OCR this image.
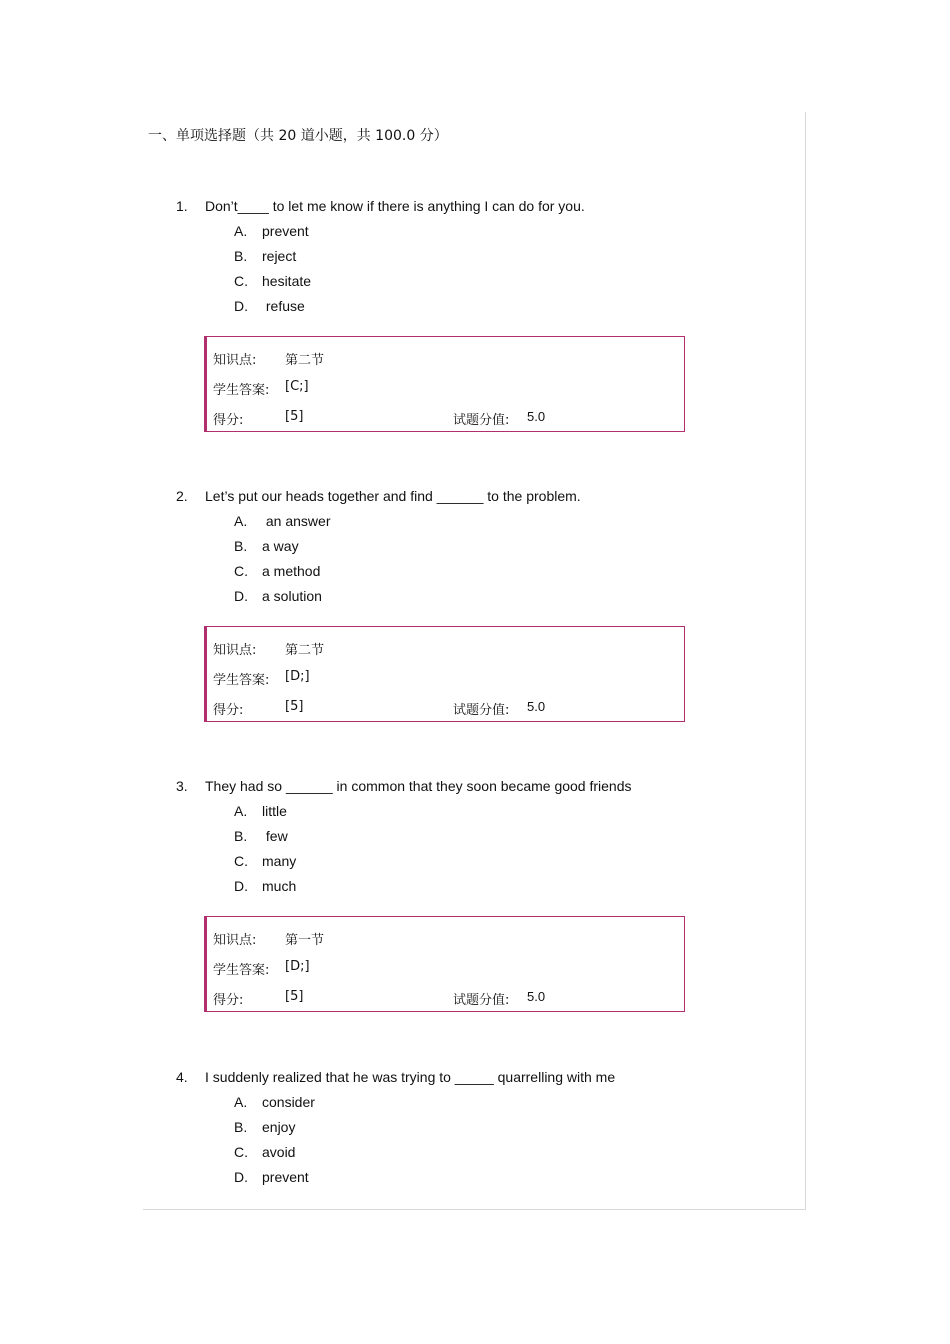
一、单项选择题（共 20 道小题，共 100.0 分）
1. Don’t____ to let me know if there is anything I can do for you.
A. prevent
B. reject
C. hesitate
D. refuse
知识点: 第二节
学生答案: [C;]
得分:	[5]	试题分值: 5.0
2. Let’s put our heads together and find ______ to the problem.
A. an answer
B. a way
C. a method
D. a solution
知识点: 第二节
学生答案: [D;]
得分:	[5]	试题分值: 5.0
3. They had so ______ in common that they soon became good friends
A. little
B. few
C. many
D. much
知识点: 第一节
学生答案: [D;]
得分:	[5]	试题分值: 5.0
4. I suddenly realized that he was trying to _____ quarrelling with me
A. consider
B. enjoy
C. avoid
D. prevent
